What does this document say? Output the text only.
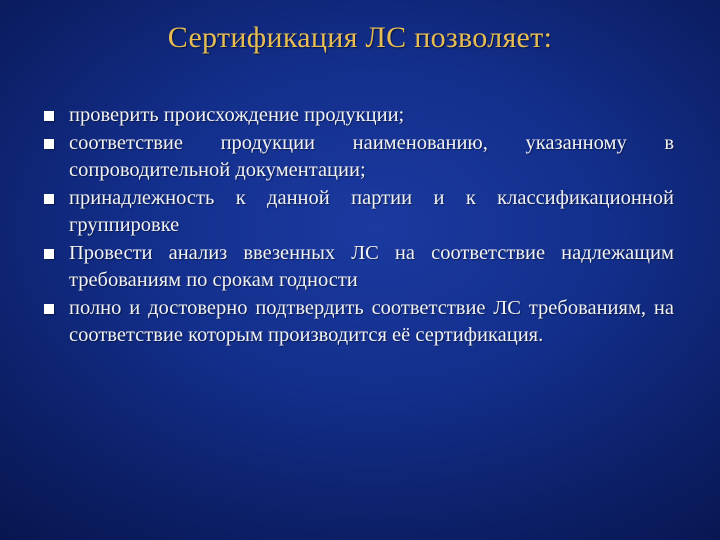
Сертификация ЛС позволяет:
проверить происхождение продукции;
соответствие продукции наименованию, указанному в сопроводительной документации;
принадлежность к данной партии и к классификационной группировке
Провести анализ ввезенных ЛС на соответствие надлежащим требованиям по срокам годности
полно и достоверно подтвердить соответствие ЛС требованиям, на соответствие которым производится её сертификация.
